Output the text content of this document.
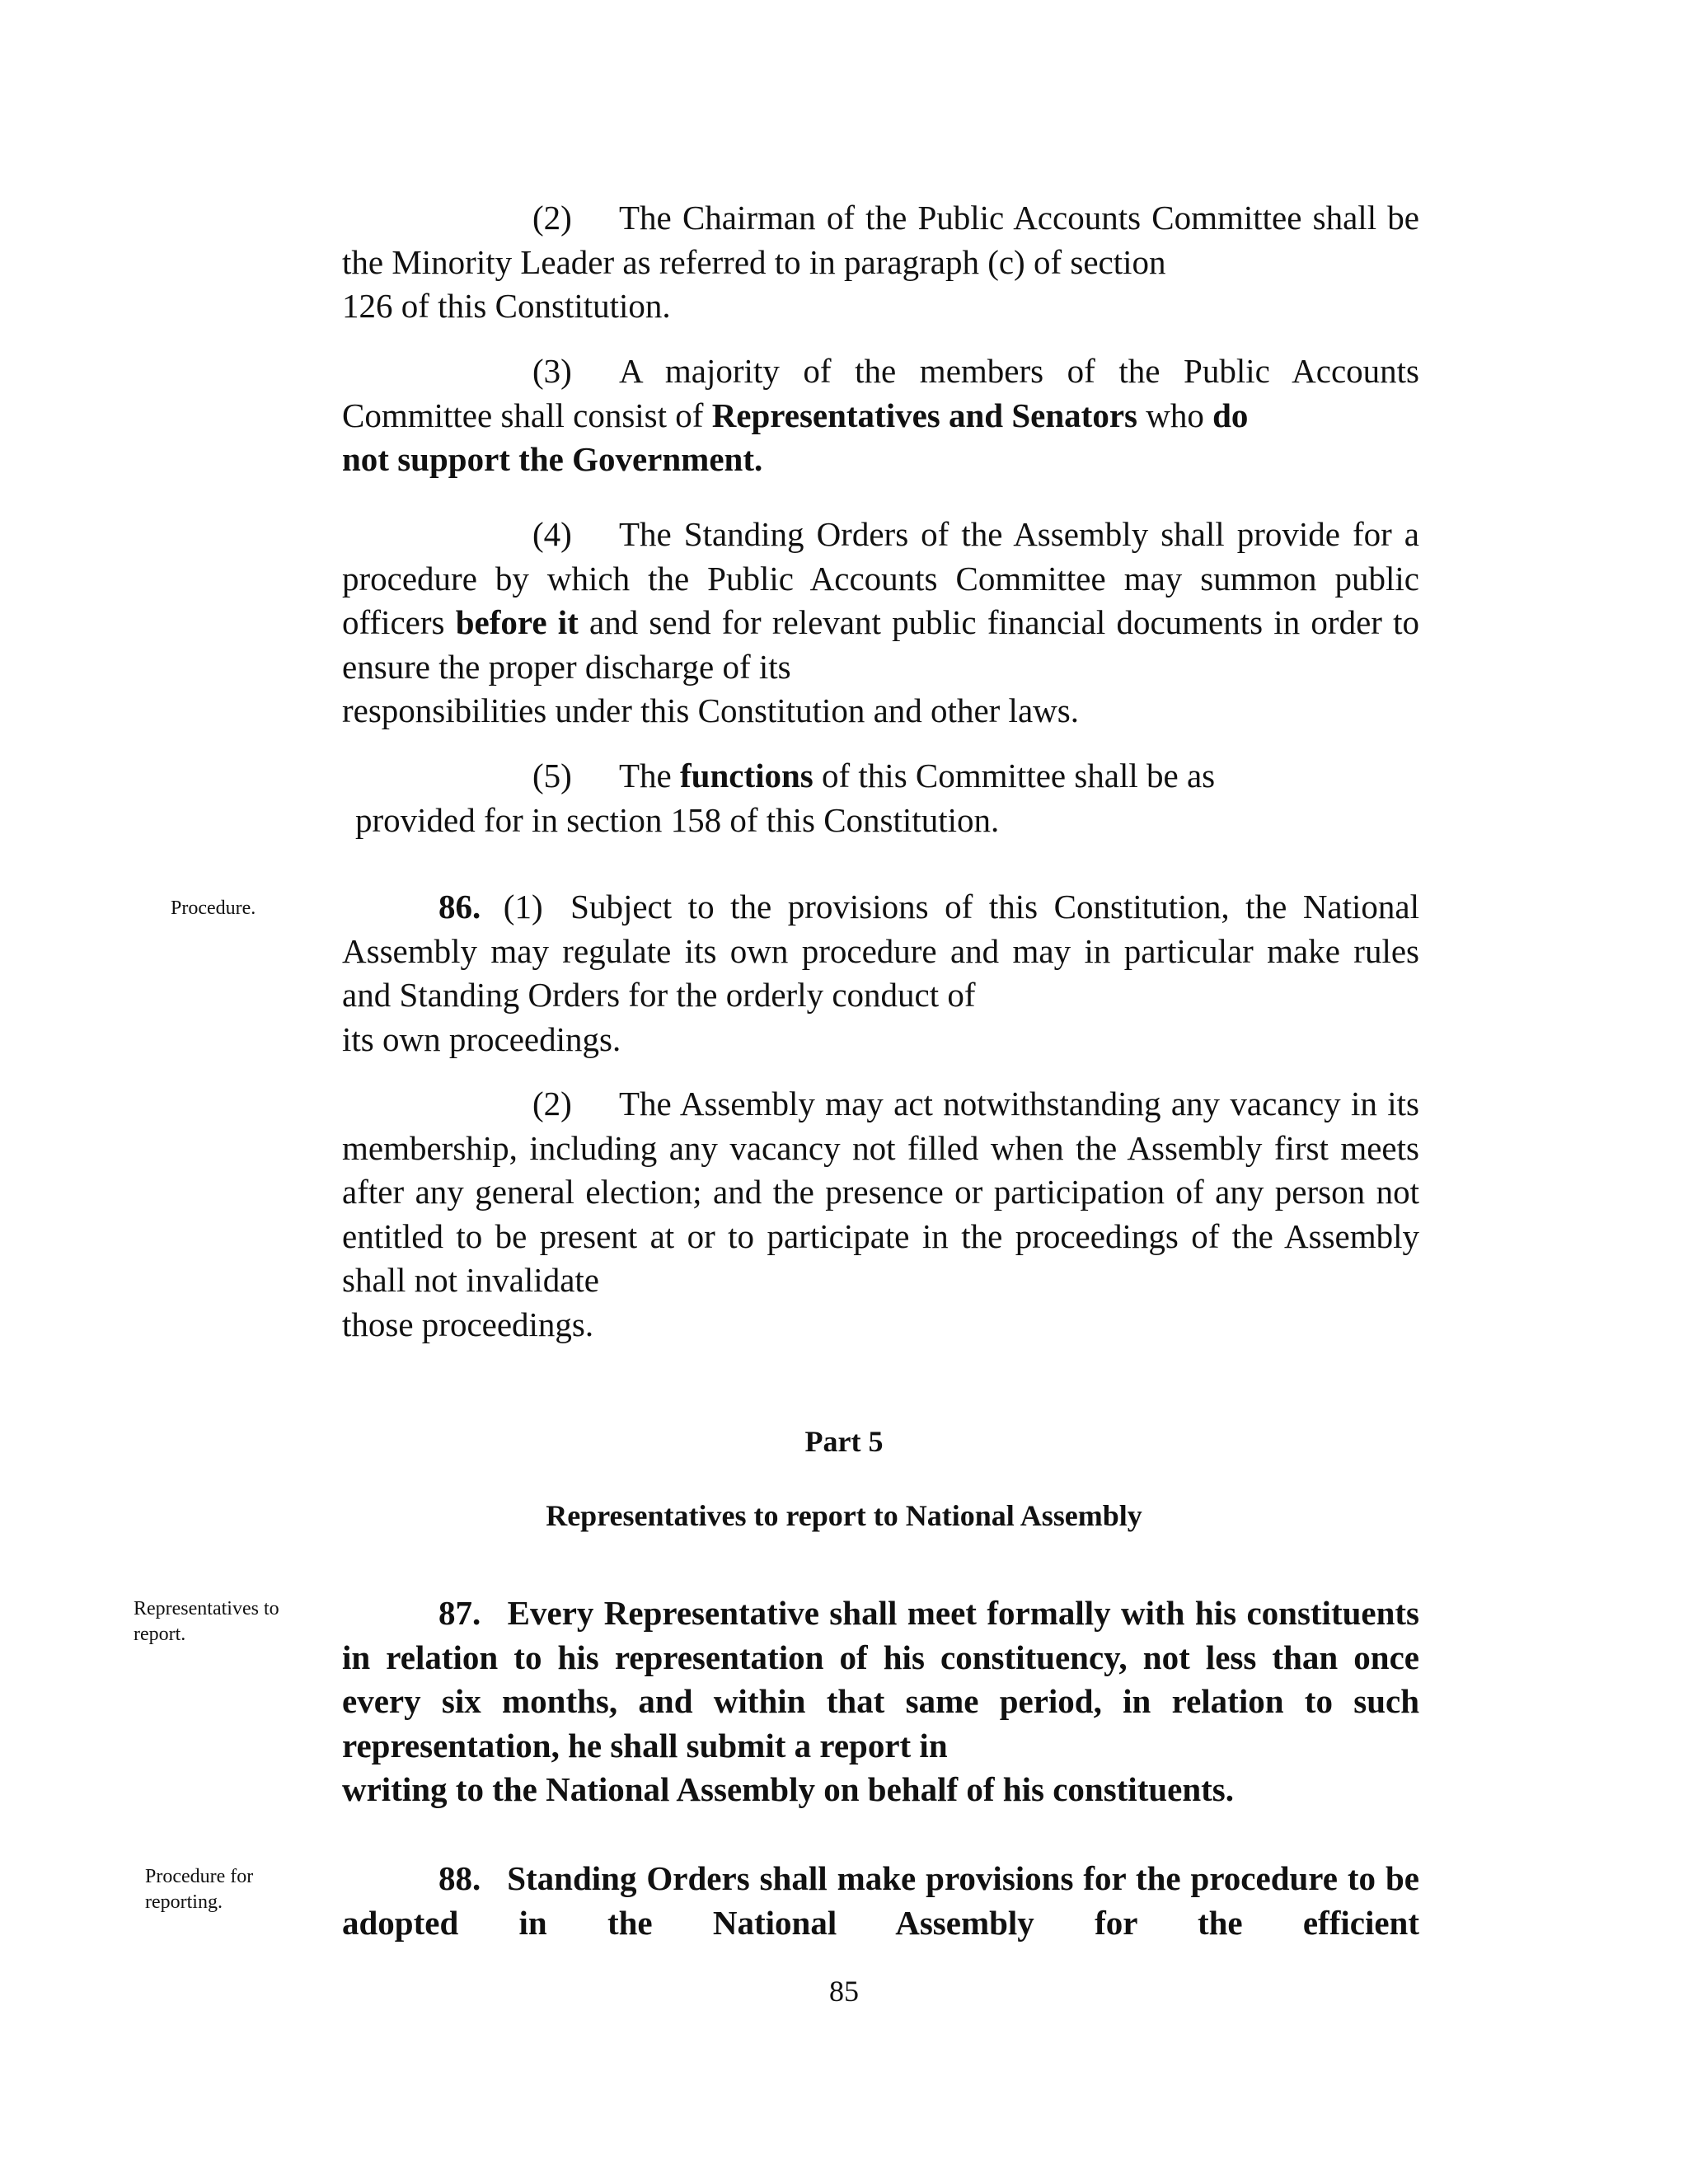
(2) The Chairman of the Public Accounts Committee shall be the Minority Leader as referred to in paragraph (c) of section
126 of this Constitution.
(3) A majority of the members of the Public Accounts Committee shall consist of Representatives and Senators who do
not support the Government.
(4) The Standing Orders of the Assembly shall provide for a procedure by which the Public Accounts Committee may summon public officers before it and send for relevant public financial documents in order to ensure the proper discharge of its
responsibilities under this Constitution and other laws.
(5) The functions of this Committee shall be as
provided for in section 158 of this Constitution.
86. (1) Subject to the provisions of this Constitution, the National Assembly may regulate its own procedure and may in particular make rules and Standing Orders for the orderly conduct of
its own proceedings.
(2) The Assembly may act notwithstanding any vacancy in its membership, including any vacancy not filled when the Assembly first meets after any general election; and the presence or participation of any person not entitled to be present at or to participate in the proceedings of the Assembly shall not invalidate
those proceedings.
87. Every Representative shall meet formally with his constituents in relation to his representation of his constituency, not less than once every six months, and within that same period, in relation to such representation, he shall submit a report in
writing to the National Assembly on behalf of his constituents.
88. Standing Orders shall make provisions for the procedure to be adopted in the National Assembly for the efficient
Part 5
Representatives to report to National Assembly
Procedure.
Representatives to
report.
Procedure for
reporting.
85
